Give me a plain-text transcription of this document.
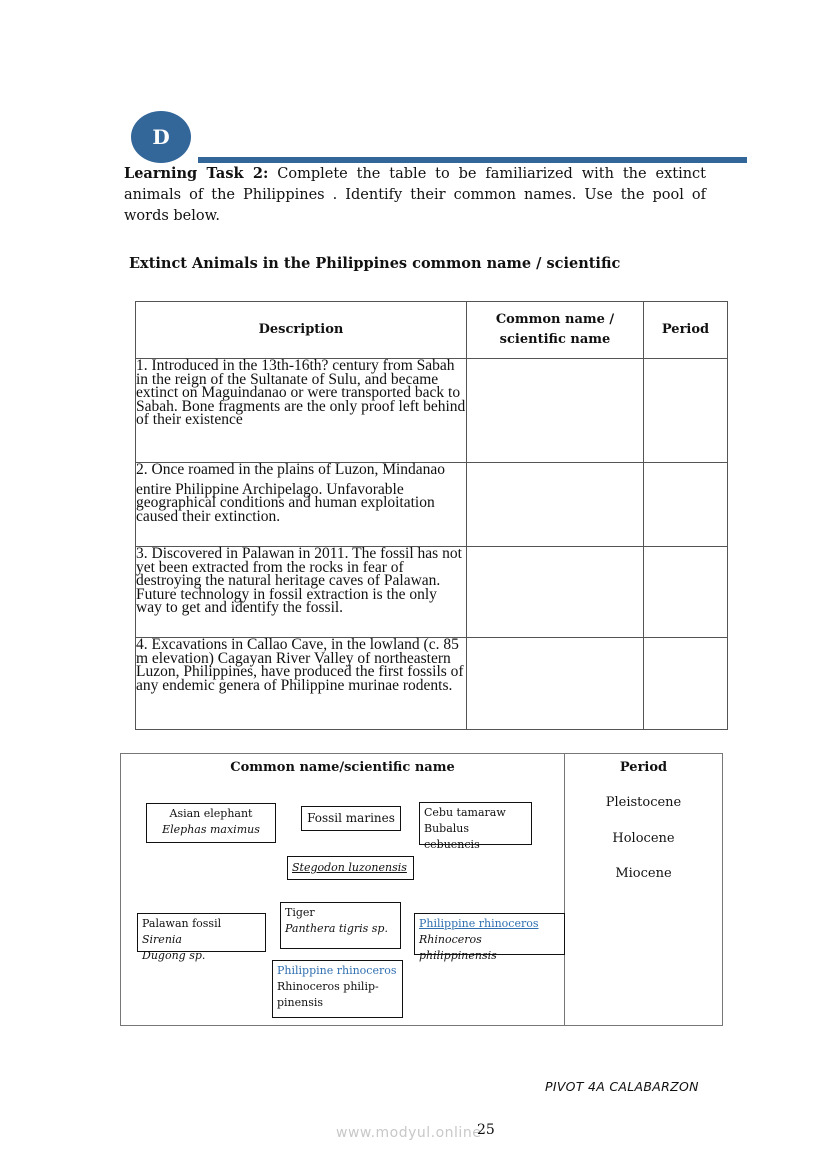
D
Learning Task 2: Complete the table to be familiarized with the extinct animals of the Philippines . Identify their common names. Use the pool of words below.
Extinct Animals in the Philippines common name / scientific
Description	Common name / scientific name	Period

1. Introduced in the 13th-16th? century from Sabah in the reign of the Sultanate of Sulu, and became extinct on Maguindanao or were transported back to Sabah. Bone fragments are the only proof left behind of their existence		

2. Once roamed in the plains of Luzon, Mindanao

entire Philippine Archipelago. Unfavorable geographical conditions and human exploitation caused their extinction.		

3. Discovered in Palawan in 2011. The fossil has not yet been extracted from the rocks in fear of destroying the natural heritage caves of Palawan. Future technology in fossil extraction is the only way to get and identify the fossil.		

4. Excavations in Callao Cave, in the lowland (c. 85 m elevation) Cagayan River Valley of northeastern Luzon, Philippines, have produced the first fossils of any endemic genera of Philippine murinae rodents.		

Common name/scientific name	Period
Asian elephant
Elephas maximus
Fossil marines	Cebu tamaraw
Bubalus cebuencis
Stegodon luzonensis
Palawan fossil Sirenia
Dugong sp.
Tiger
Panthera tigris sp.	Philippine rhinoceros
Rhinoceros philippinensis
Philippine rhinoceros
Rhinoceros philip-
pinensis
Pleistocene
Holocene
Miocene
PIVOT 4A CALABARZON
www.modyul.online
25
